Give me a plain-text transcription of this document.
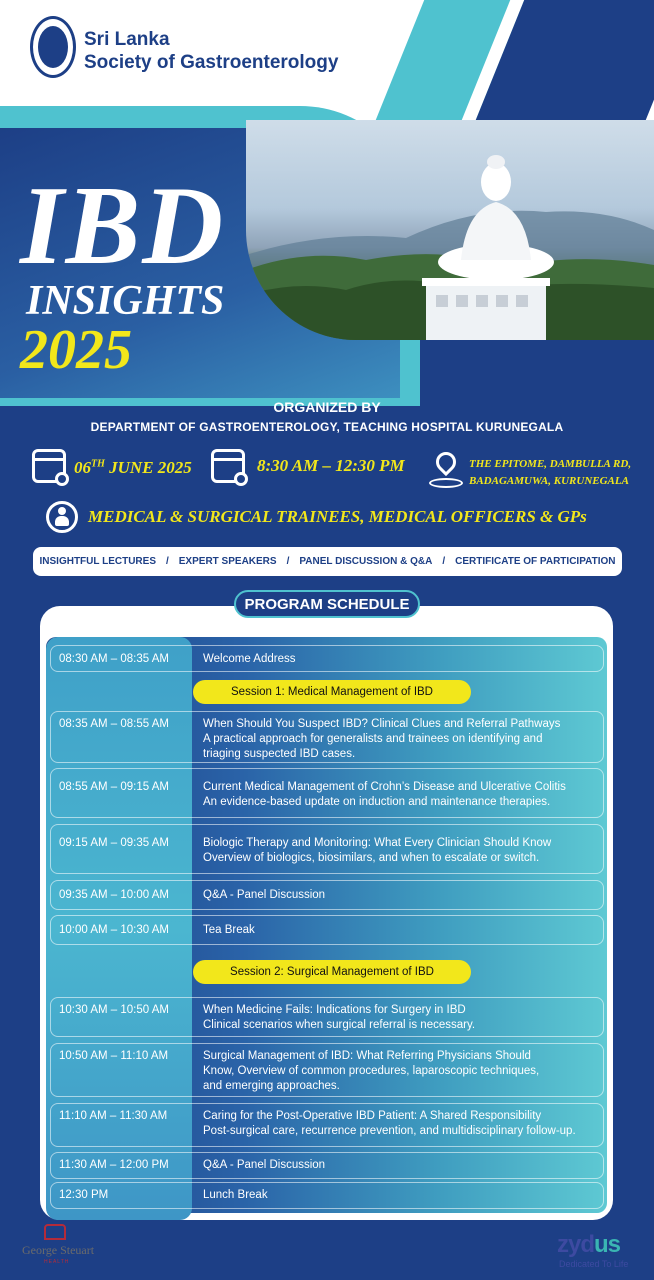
Sri Lanka
Society of Gastroenterology
IBD
INSIGHTS
2025
ORGANIZED BY
DEPARTMENT OF GASTROENTEROLOGY, TEACHING HOSPITAL KURUNEGALA
06TH JUNE 2025	8:30 AM – 12:30 PM	THE EPITOME, DAMBULLA RD,
BADAGAMUWA, KURUNEGALA
MEDICAL & SURGICAL TRAINEES, MEDICAL OFFICERS & GPs
INSIGHTFUL LECTURES / EXPERT SPEAKERS / PANEL DISCUSSION & Q&A / CERTIFICATE OF PARTICIPATION
PROGRAM SCHEDULE
08:30 AM – 08:35 AM	Welcome Address
Session 1: Medical Management of IBD
08:35 AM – 08:55 AM	When Should You Suspect IBD? Clinical Clues and Referral Pathways
A practical approach for generalists and trainees on identifying and
triaging suspected IBD cases.
08:55 AM – 09:15 AM	Current Medical Management of Crohn’s Disease and Ulcerative Colitis
An evidence-based update on induction and maintenance therapies.
09:15 AM – 09:35 AM	Biologic Therapy and Monitoring: What Every Clinician Should Know
Overview of biologics, biosimilars, and when to escalate or switch.
09:35 AM – 10:00 AM	Q&A - Panel Discussion
10:00 AM – 10:30 AM	Tea Break
Session 2: Surgical Management of IBD
10:30 AM – 10:50 AM	When Medicine Fails: Indications for Surgery in IBD
Clinical scenarios when surgical referral is necessary.
10:50 AM – 11:10 AM	Surgical Management of IBD: What Referring Physicians Should
Know, Overview of common procedures, laparoscopic techniques,
and emerging approaches.
11:10 AM – 11:30 AM	Caring for the Post-Operative IBD Patient: A Shared Responsibility
Post-surgical care, recurrence prevention, and multidisciplinary follow-up.
11:30 AM – 12:00 PM	Q&A - Panel Discussion
12:30 PM	Lunch Break
George Steuart
HEALTH
zydus
Dedicated To Life
